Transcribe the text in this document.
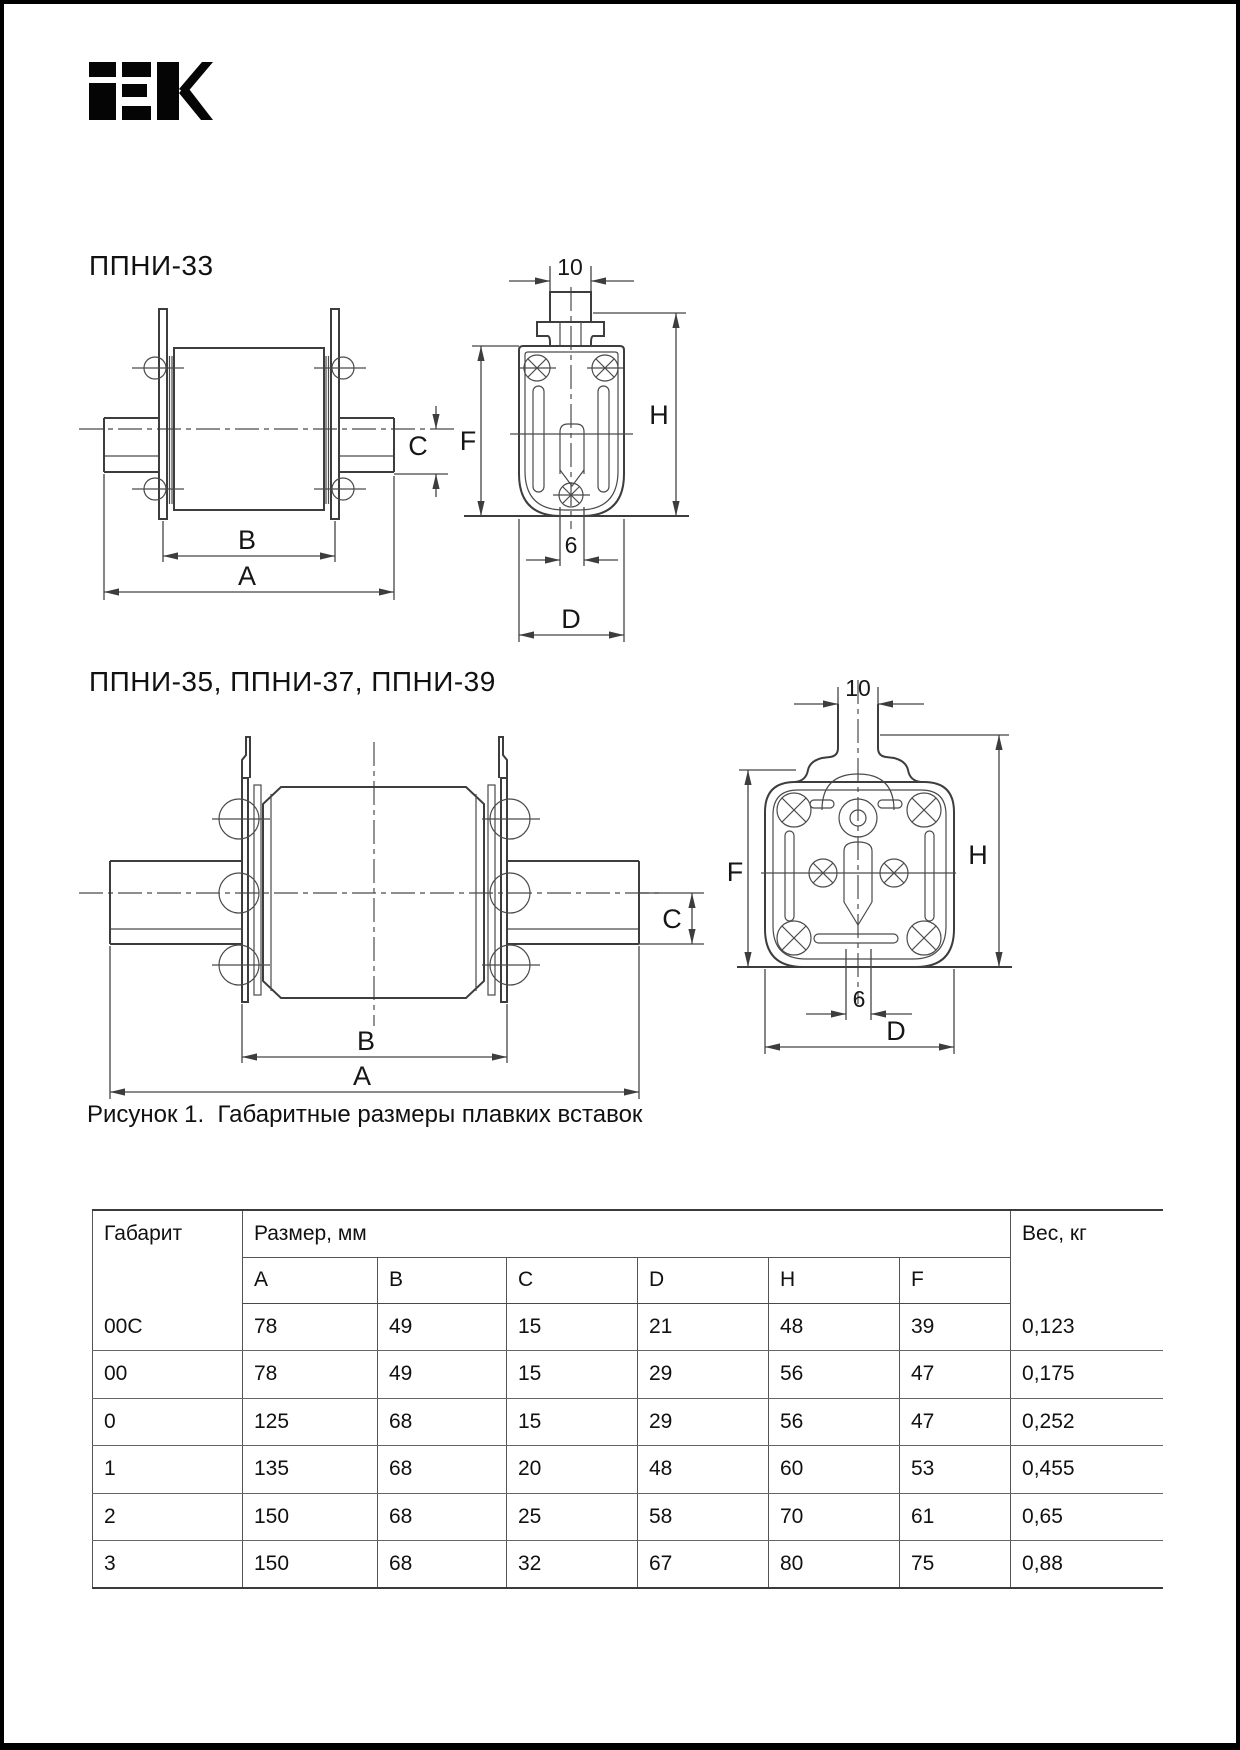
ППНИ-33
ППНИ-35, ППНИ-37, ППНИ-39
Рисунок 1.  Габаритные размеры плавких вставок
C
B
A
10
F
H
6
D
C
B
A
10
F
H
6
D
Габарит	Размер, мм						Вес, кг
	A	B	C	D	H	F	
00C	78	49	15	21	48	39	0,123
00	78	49	15	29	56	47	0,175
0	125	68	15	29	56	47	0,252
1	135	68	20	48	60	53	0,455
2	150	68	25	58	70	61	0,65
3	150	68	32	67	80	75	0,88
